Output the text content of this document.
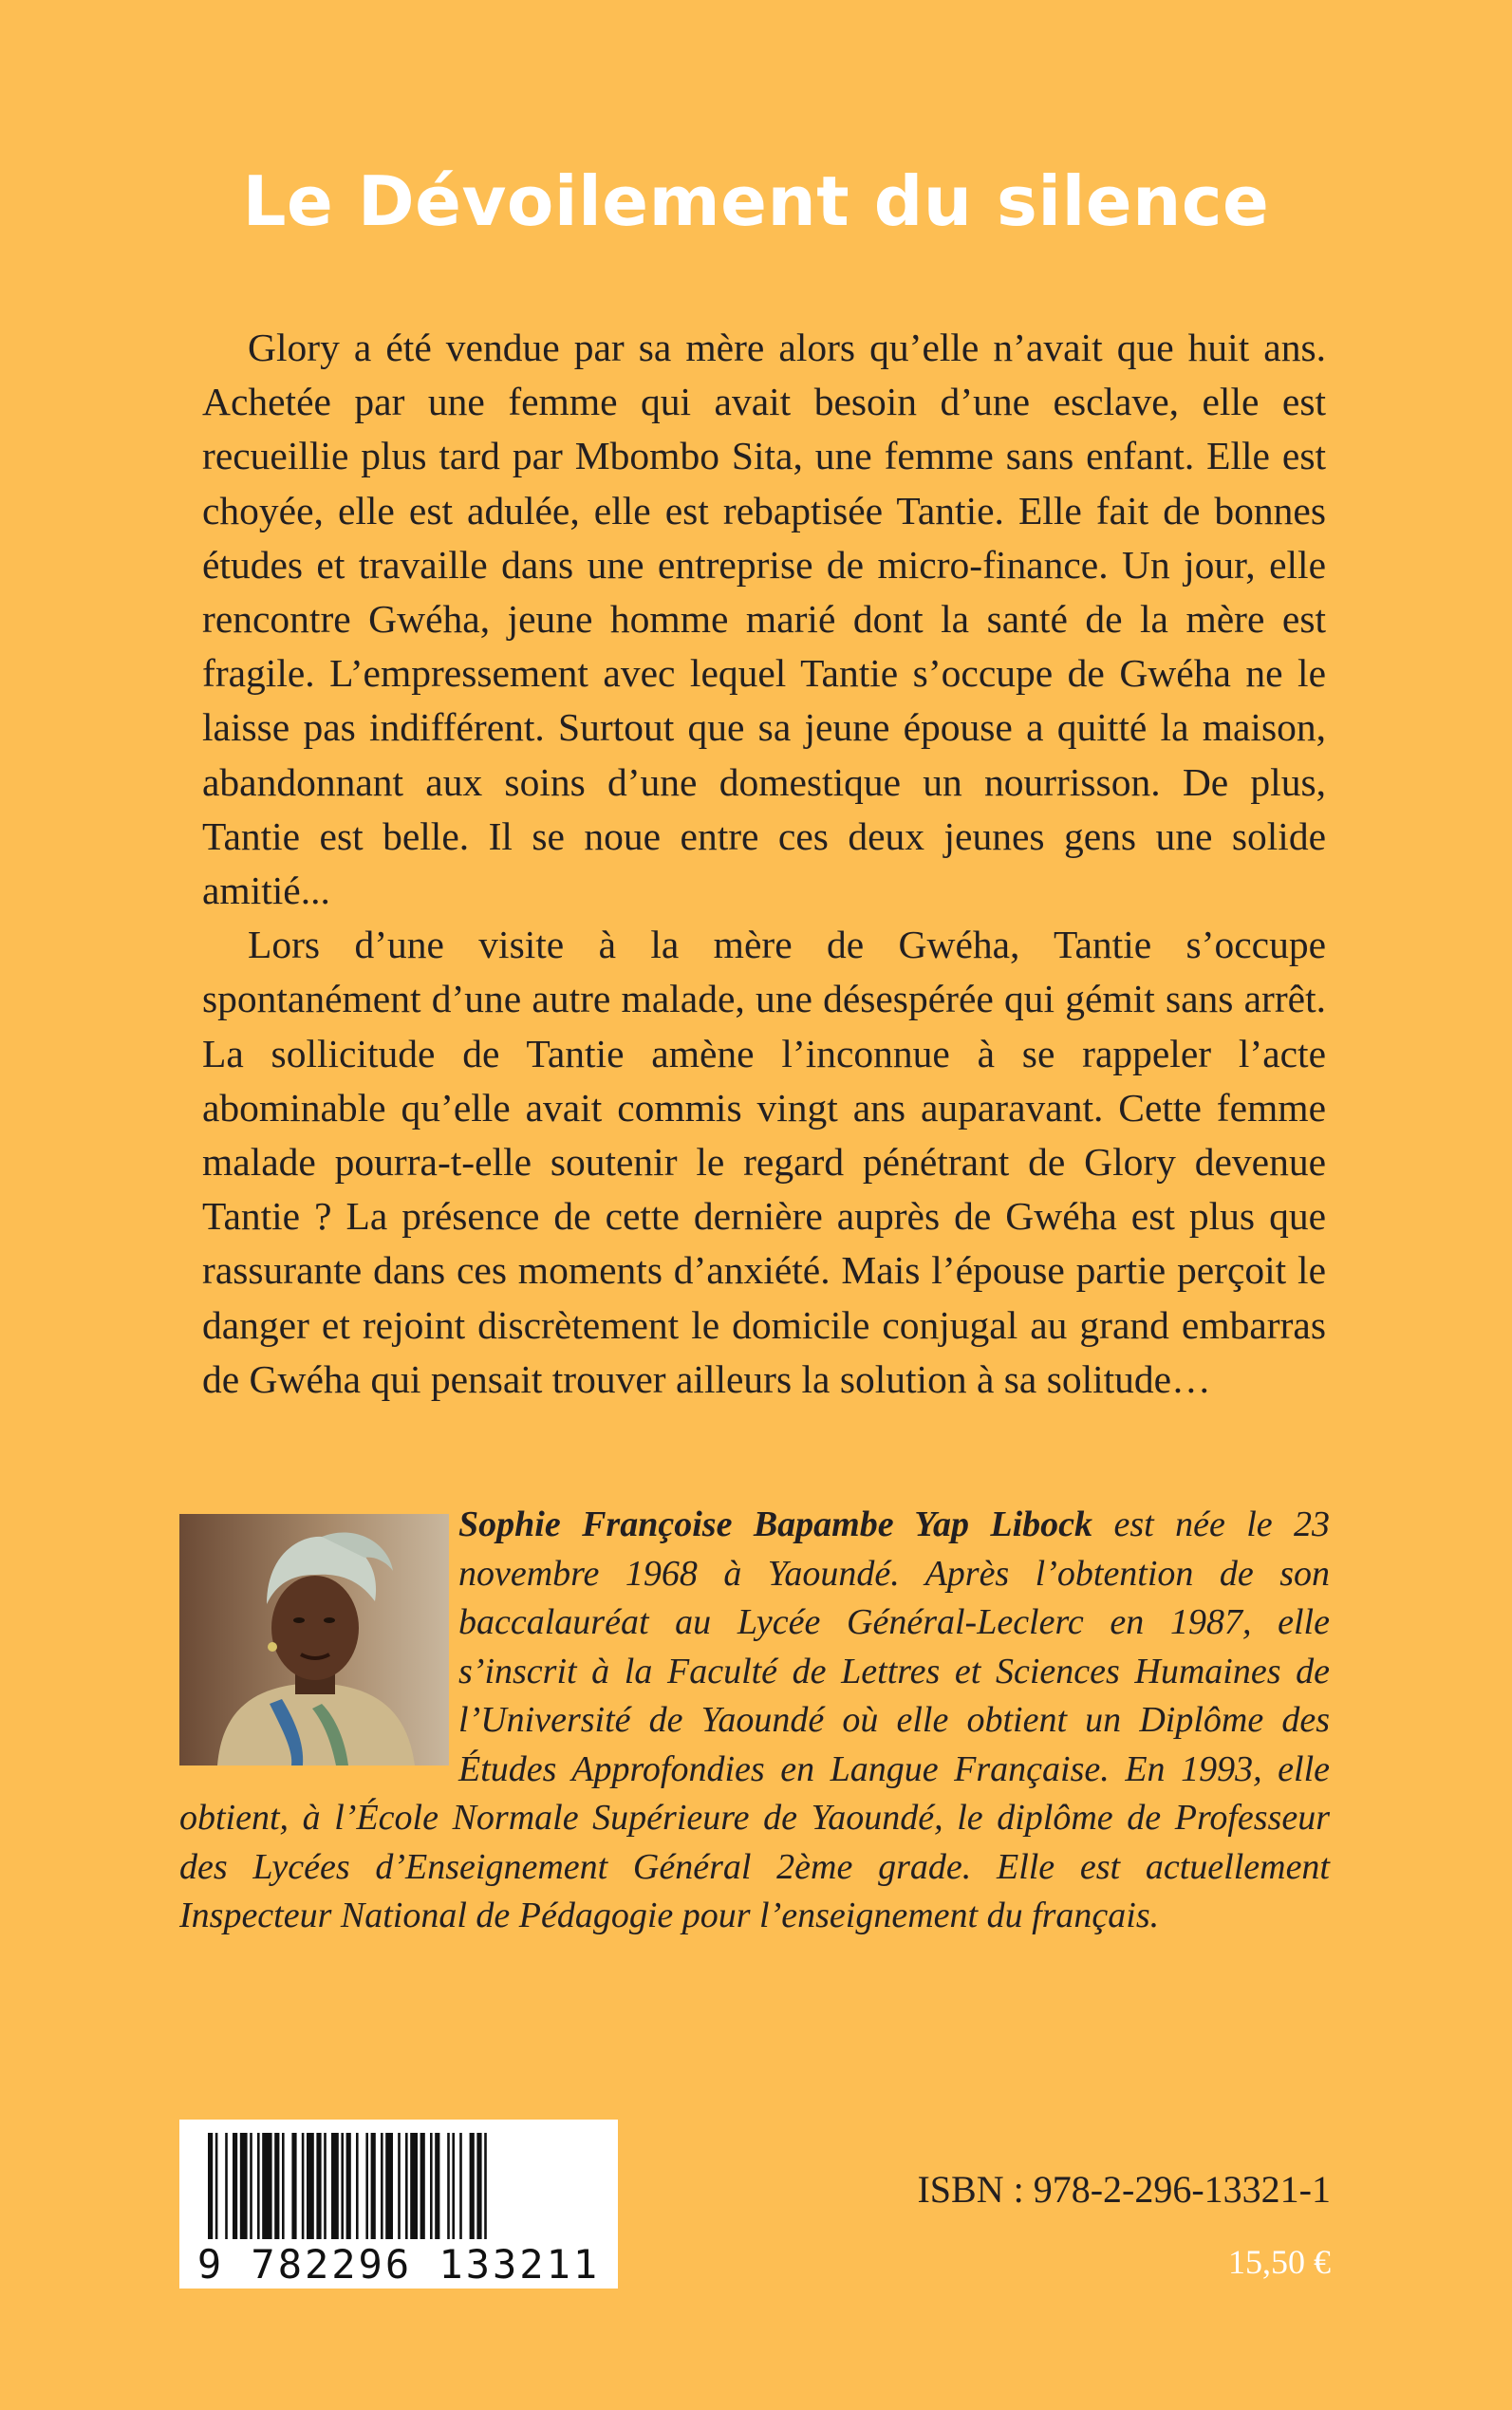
Le Dévoilement du silence

Glory a été vendue par sa mère alors qu’elle n’avait que huit ans. Achetée par une femme qui avait besoin d’une esclave, elle est recueillie plus tard par Mbombo Sita, une femme sans enfant. Elle est choyée, elle est adulée, elle est rebaptisée Tantie. Elle fait de bonnes études et travaille dans une entreprise de micro-finance. Un jour, elle rencontre Gwéha, jeune homme marié dont la santé de la mère est fragile. L’empressement avec lequel Tantie s’occupe de Gwéha ne le laisse pas indifférent. Surtout que sa jeune épouse a quitté la maison, abandonnant aux soins d’une domestique un nourrisson. De plus, Tantie est belle. Il se noue entre ces deux jeunes gens une solide amitié...

Lors d’une visite à la mère de Gwéha, Tantie s’occupe spontanément d’une autre malade, une désespérée qui gémit sans arrêt. La sollicitude de Tantie amène l’inconnue à se rappeler l’acte abominable qu’elle avait commis vingt ans auparavant. Cette femme malade pourra-t-elle soutenir le regard pénétrant de Glory devenue Tantie ? La présence de cette dernière auprès de Gwéha est plus que rassurante dans ces moments d’anxiété. Mais l’épouse partie perçoit le danger et rejoint discrètement le domicile conjugal au grand embarras de Gwéha qui pensait trouver ailleurs la solution à sa solitude…

Sophie Françoise Bapambe Yap Libock est née le 23 novembre 1968 à Yaoundé. Après l’obtention de son baccalauréat au Lycée Général-Leclerc en 1987, elle s’inscrit à la Faculté de Lettres et Sciences Humaines de l’Université de Yaoundé où elle obtient un Diplôme des Études Approfondies en Langue Française. En 1993, elle obtient, à l’École Normale Supérieure de Yaoundé, le diplôme de Professeur des Lycées d’Enseignement Général 2ème grade. Elle est actuellement Inspecteur National de Pédagogie pour l’enseignement du français.
9 782296 133211
ISBN : 978-2-296-13321-1
15,50 €
